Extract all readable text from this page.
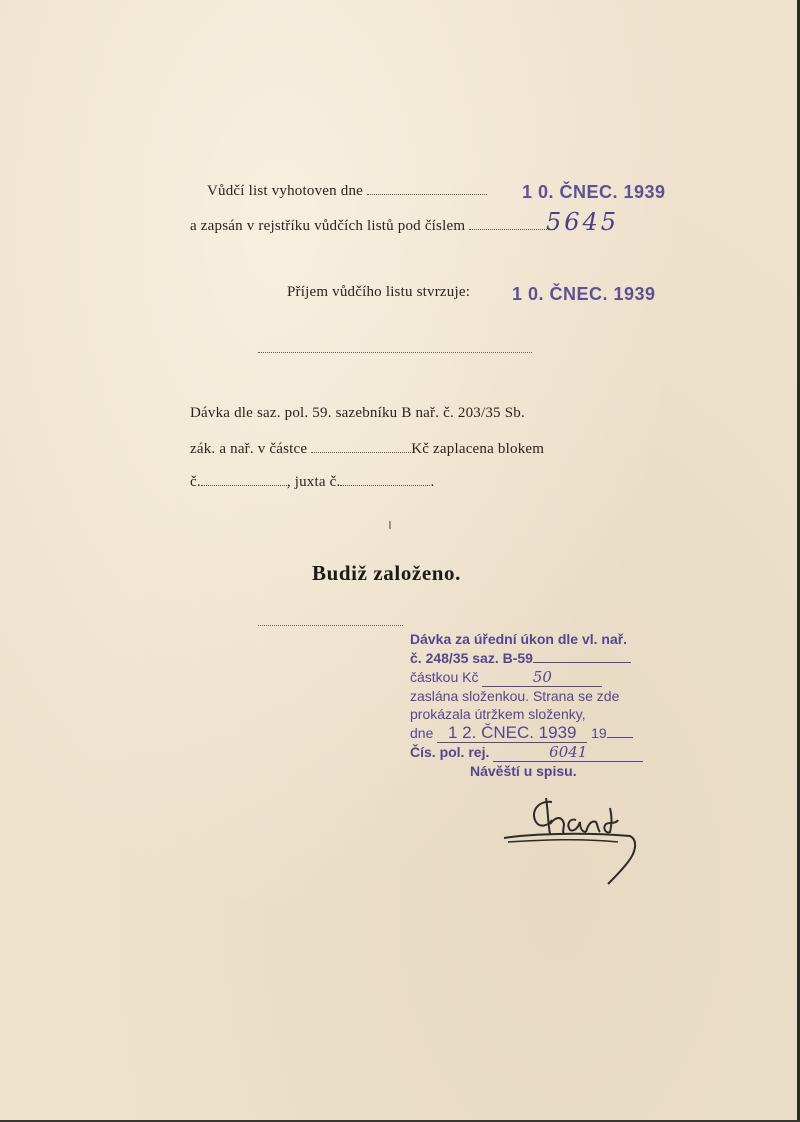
Vůdčí list vyhotoven dne	1 0. ČNEC. 1939
a zapsán v rejstříku vůdčích listů pod číslem	5645
Příjem vůdčího listu stvrzuje: 1 0. ČNEC. 1939
Dávka dle saz. pol. 59. sazebníku B nař. č. 203/35 Sb.
zák. a nař. v částce	Kč zaplacena blokem
č.	, juxta č.	.
ı
Budiž založeno.
Dávka za úřední úkon dle vl. nař.
č. 248/35 saz. B-59
částkou Kč	50
zaslána složenkou. Strana se zde
prokázala útržkem složenky,
dne 1 2. ČNEC. 1939 19
Čís. pol. rej.	6041
Návěští u spisu.
